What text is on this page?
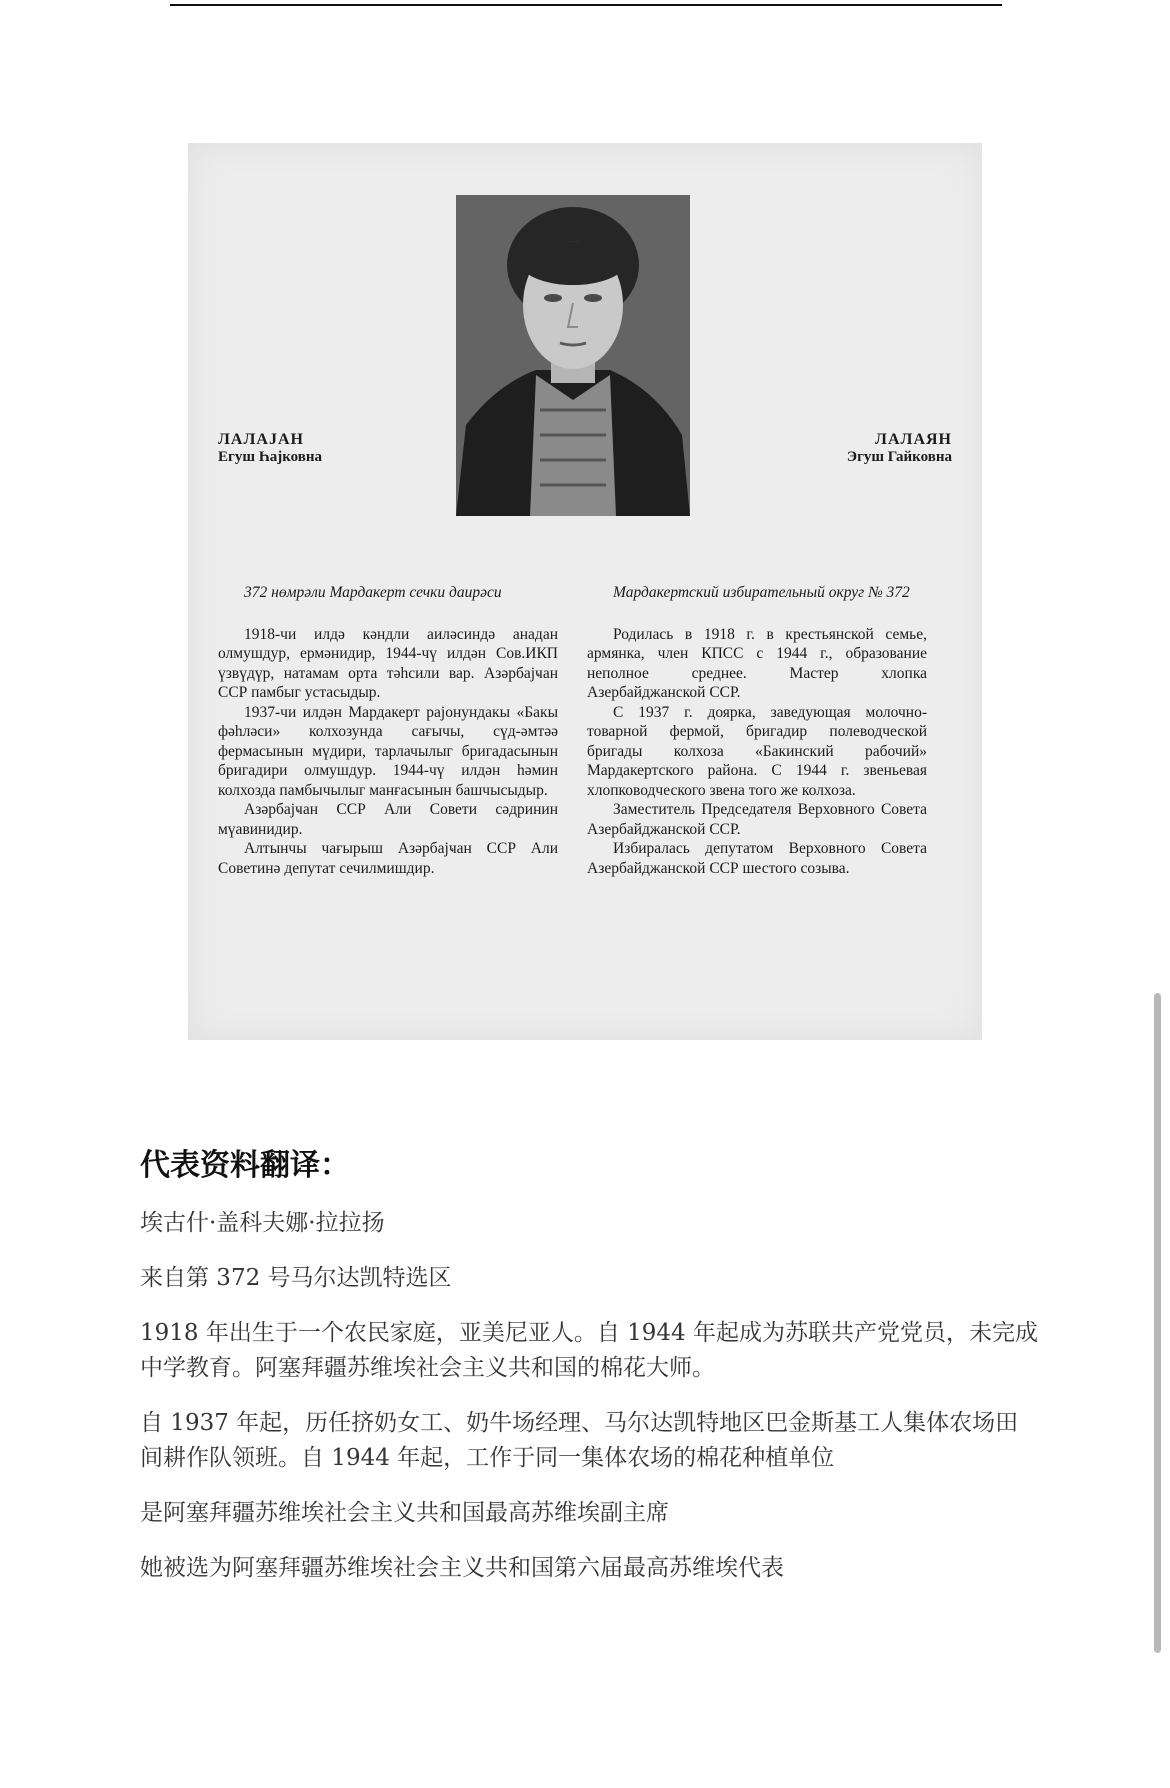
ЛАЛАЈАН
Егуш Һајковна
ЛАЛАЯН
Эгуш Гайковна
372 нөмрәли Мардакерт сечки даирәси

1918-чи илдә кәндли аиләсиндә анадан олмушдур, ермәнидир, 1944-чү илдән Сов.ИКП үзвүдүр, натамам орта тәһсили вар. Азәрбајҹан ССР памбыг устасыдыр.

1937-чи илдән Мардакерт рајонундакы «Бакы фәһләси» колхозунда сағычы, сүд-әмтәә фермасынын мүдири, тарлачылыг бригадасынын бригадири олмушдур. 1944-чү илдән һәмин колхозда памбычылыг манғасынын башчысыдыр.

Азәрбајҹан ССР Али Совети сәдринин мүавинидир.

Алтынчы чағырыш Азәрбајҹан ССР Али Советинә депутат сечилмишдир.

Мардакертский избирательный округ № 372

Родилась в 1918 г. в крестьянской семье, армянка, член КПСС с 1944 г., образование неполное среднее. Мастер хлопка Азербайджанской ССР.

С 1937 г. доярка, заведующая молочно-товарной фермой, бригадир полеводческой бригады колхоза «Бакинский рабочий» Мардакертского района. С 1944 г. звеньевая хлопководческого звена того же колхоза.

Заместитель Председателя Верховного Совета Азербайджанской ССР.

Избиралась депутатом Верховного Совета Азербайджанской ССР шестого созыва.

代表资料翻译：

埃古什·盖科夫娜·拉拉扬

来自第 372 号马尔达凯特选区

1918 年出生于一个农民家庭，亚美尼亚人。自 1944 年起成为苏联共产党党员，未完成中学教育。阿塞拜疆苏维埃社会主义共和国的棉花大师。

自 1937 年起，历任挤奶女工、奶牛场经理、马尔达凯特地区巴金斯基工人集体农场田间耕作队领班。自 1944 年起，工作于同一集体农场的棉花种植单位

是阿塞拜疆苏维埃社会主义共和国最高苏维埃副主席

她被选为阿塞拜疆苏维埃社会主义共和国第六届最高苏维埃代表
